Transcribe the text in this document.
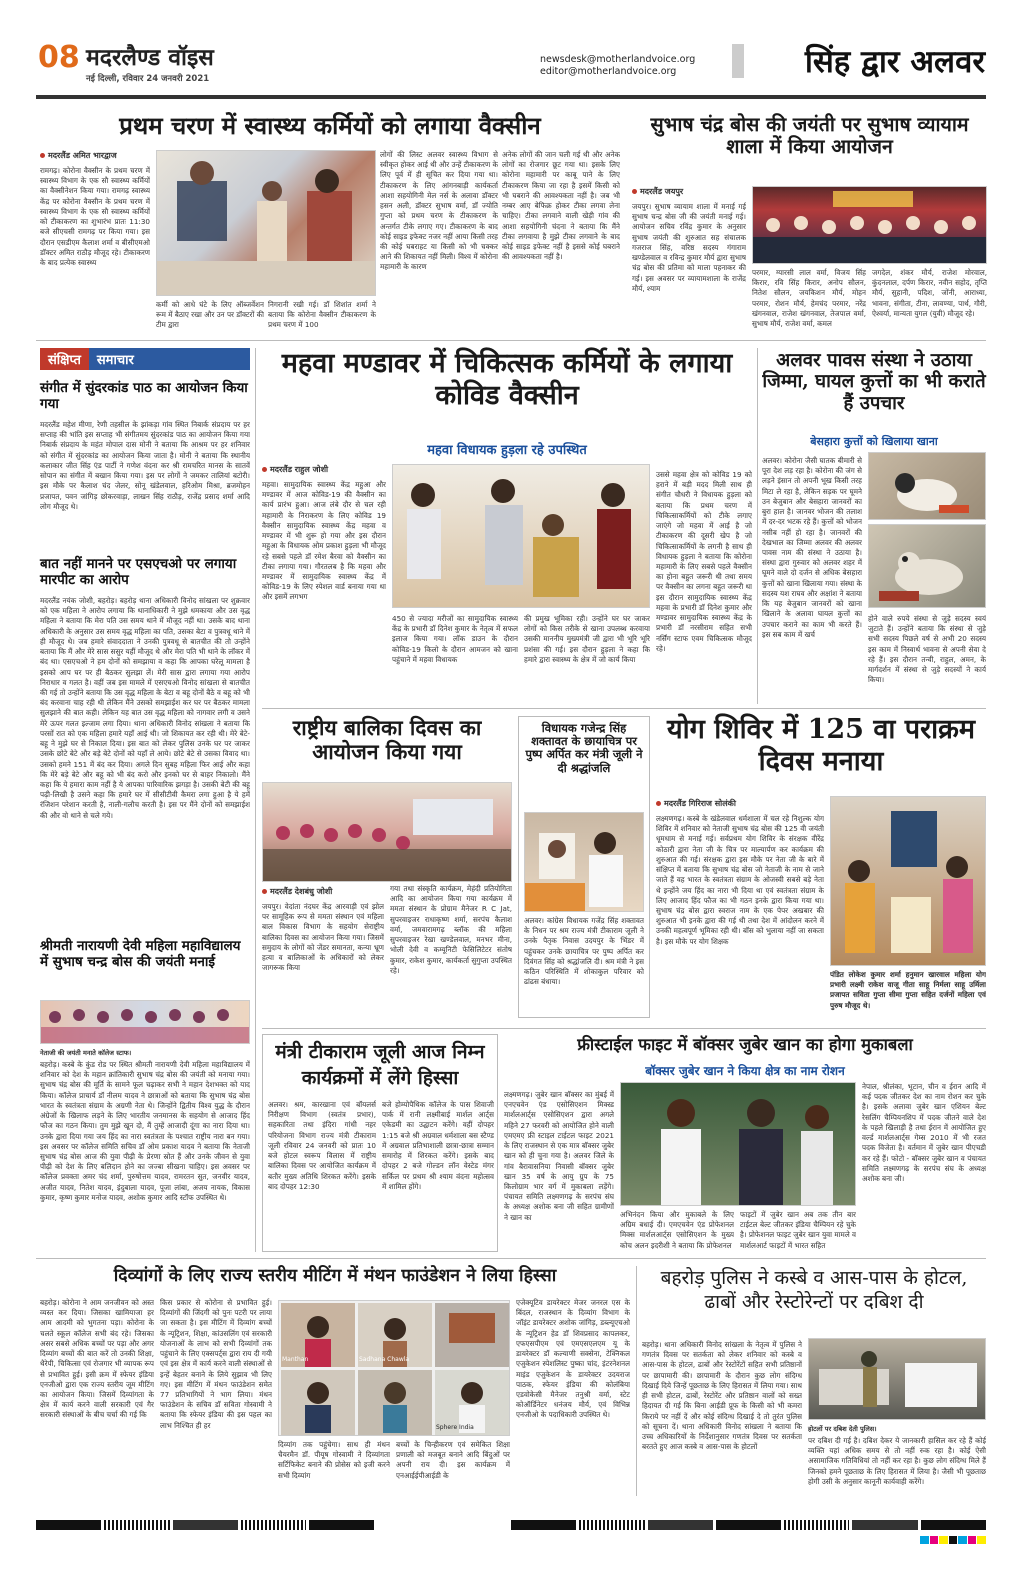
08 मदरलैण्ड वॉइस
नई दिल्ली, रविवार 24 जनवरी 2021
newsdesk@motherlandvoice.org
editor@motherlandvoice.org	सिंह द्वार अलवर
प्रथम चरण में स्वास्थ्य कर्मियों को लगाया वैक्सीन
मदरलैंड अमित भारद्वाज
रामगढ़। कोरोना वैक्सीन के प्रथम चरण में स्वास्थ्य विभाग के एक सौ स्वास्थ्य कर्मियों का वैक्सीनेशन किया गया। रामगढ़ स्वास्थ्य केंद्र पर कोरोना वैक्सीन के प्रथम चरण में स्वास्थ्य विभाग के एक सौ स्वास्थ्य कर्मियों को टीकाकरण का शुभारंभ प्रातः 11:30 बजे सीएचसी रामगढ़ पर किया गया। इस दौरान एसडीएम कैलाश शर्मा व बीसीएमओ डॉक्टर अमित राठौड़ मौजूद रहे। टीकाकरण के बाद प्रत्येक स्वास्थ्य
कर्मी को आधे घंटे के लिए ऑब्जर्वेशन रूम में बैठाए रखा और उन पर डॉक्टरों की टीम द्वारा
निगरानी रखी गई। डॉ शिशांत शर्मा ने बताया कि कोरोना वैक्सीन टीकाकरण के प्रथम चरण में 100
लोगों की लिस्ट अलवर स्वास्थ्य विभाग से स्वीकृत होकर आई थी और उन्हें टीकाकरण के लिए पूर्व में ही सूचित कर दिया गया था। टीकाकरण के लिए आंगनबाड़ी कार्यकर्ता आशा सहयोगिनी मेल नर्स के अलावा डॉक्टर हसन अली, डॉक्टर सुभाष वर्मा, डॉ ज्योति गुप्ता को प्रथम चरण के टीकाकरण के अन्तर्गत टीके लगाए गए। टीकाकरण के बाद कोई साइड इफेक्ट नजर नहीं आया किसी तरह की कोई घबराहट या किसी को भी चक्कर आने की शिकायत नहीं मिली। विश्व में कोरोना महामारी के कारण
अनेक लोगों की जान चली गई थी और अनेक लोगों का रोजगार छूट गया था। इसके लिए कोरोना महामारी पर काबू पाने के लिए टीकाकरण किया जा रहा है इसमें किसी को भी घबराने की आवश्यकता नहीं है। जब भी नम्बर आए बेफिक्र होकर टीका लगवा लेना चाहिए। टीका लगवाने वाली खेड़ी गांव की आशा सहयोगिनी चंदना ने बताया कि मैंने टीका लगवाया है मुझे टीका लगवाने के बाद कोई साइड इफेक्ट नहीं है इससे कोई घबराने की आवश्यकता नहीं है।
सुभाष चंद्र बोस की जयंती पर सुभाष व्यायाम शाला में किया आयोजन
मदरलैंड जयपुर
जयपुर। सुभाष व्यायाम शाला में मनाई गई सुभाष चन्द्र बोस जी की जयंती मनाई गई। आयोजन सचिव रविंद्र कुमार के अनुसार सुभाष जयंती की शुरुआत सह संचालक गजराज सिंह, वरिष्ठ सदस्य गंगाराम खण्डेलवाल व रविन्द्र कुमार मौर्य द्वारा सुभाष चंद्र बोस की प्रतिमा को माला पहनाकर की गई। इस अवसर पर व्यायामशाला के राजेंद्र मौर्य, श्याम
परमार, ग्यारसी लाल वर्मा, विजय सिंह किरार, रवि सिंह किरार, अनोप सौलन, नितेश सौलन, जयकिशन मौर्य, मोहन परमार, रोशन मौर्य, हेमचंद परमार, नरेंद्र खंगनवाल, राजेश खंगनवाल, तेजपाल वर्मा, सुभाष मौर्य, राजेश वर्मा, कमल
जगदेल, शंकर मौर्य, राजेश मोरवाल, कुंदनलाल, दर्पण किरार, नवीन सहोद, तृप्ति मौर्य, सुहानी, पदिश, जोंनी, आराध्या, भावना, संगीता, टीना, लावण्या, पार्थ, गौरी, ऐश्वर्या, मान्यता युगल (युवी) मौजूद रहे।
संक्षिप्त	समाचार
संगीत में सुंदरकांड पाठ का आयोजन किया गया
मदरलैंड महेश मीणा, रेणी तहसील के झांकड़ा गांव स्थित निबार्क संप्रदाय पर हर सप्ताह की भांति इस सप्ताह भी संगीतमय सुंदरकांड पाठ का आयोजन किया गया निबार्क संप्रदाय के महंत मोपाल दास मोनी ने बताया कि आश्रम पर हर शनिवार को संगीत में सुंदरकांड का आयोजन किया जाता है। मोनी ने बताया कि स्थानीय कलाकार जीत सिंह एंड पार्टी ने गणेश वंदना कर श्री रामचरित मानस के सातवें सोपान का संगीत में बखान किया गया। इस पर लोगों ने जमकर तालियां बटोरी। इस मौके पर कैलाश चंद जेलर, सोनू खंडेलवाल, हरिओम मिश्रा, ब्रजमोहन प्रजापत, पवन जांगिड़ छोकरवाड़ा, लाखन सिंह राठौड़, राजेंद्र प्रसाद शर्मा आदि लोग मौजूद थे।
बात नहीं मानने पर एसएचओ पर लगाया मारपीट का आरोप
मदरलैंड नयंक जोशी, बहरोड़। बहरोड़ थाना अधिकारी विनोद सांखला पर शुक्रवार को एक महिला ने आरोप लगाया कि थानाधिकारी ने मुझे धमकाया और उस वृद्ध महिला ने बताया कि मेरा पति उस समय थाने में मौजूद नहीं था। उसके बाद थाना अधिकारी के अनुसार उस समय वृद्ध महिला का पति, उसका बेटा व पुत्रवधू थाने में ही मौजूद थे। जब हमारे संवाददाता ने उनकी पुत्रवधू से बातचीत की तो उन्होंने बताया कि मैं और मेरे सास ससुर यहीं मौजूद थे और मेरा पति भी थाने के लॉकर में बंद था। एसएचओ ने हम दोनों को समझाया व कहा कि आपका घरेलू मामला है इसको आप घर पर ही बैठकर सुलझा लें। मेरी सास द्वारा लगाया गया आरोप निराधार व गलत है। वहीं जब इस मामले में एसएचओ विनोद सांखला से बातचीत की गई तो उन्होंने बताया कि उस वृद्ध महिला के बेटा व बहू दोनों बैठे व बहू को भी बंद करवाना चाह रही थी लेकिन मैंने उसको समझाईश कर घर पर बैठकर मामला सुलझाने की बात कही। लेकिन यह बात उस वृद्ध महिला को नागवार लगी व उसने मेरे ऊपर गलत इल्जाम लगा दिया। थाना अधिकारी विनोद सांखला ने बताया कि परसों रात को एक महिला हमारे यहाँ आई थी। जो शिकायत कर रही थी। मेरे बेटे-बहू ने मुझे घर से निकाल दिया। इस बात को लेकर पुलिस उनके घर पर जाकर उसके छोटे बेटे और बड़े बेटे दोनों को यहाँ ले आये। छोटे बेटे से उसका विवाद था। उसको हमने 151 में बंद कर दिया। अगले दिन सुबह महिला फिर आई और कहा कि मेरे बड़े बेटे और बहू को भी बंद करो और इनको घर से बाहर निकालो। मैंने कहा कि ये हमारा काम नहीं है ये आपका पारिवारिक झगड़ा है। उसकी बेटी की बहू पढ़ी-लिखी है उसने कहा कि हमारे घर में सीसीटीवी कैमरा लगा हुआ है ये हमें रंजिशन परेशान करती है, नाली-गलौच करती है। इस पर मैंने दोनों को समझाईश की और वो थाने से चले गये।
श्रीमती नारायणी देवी महिला महाविद्यालय में सुभाष चन्द्र बोस की जयंती मनाई
नेताजी की जयंती मनाते कॉलेज स्टाफ।
बहरोड़। कस्बे के कुंड रोड पर स्थित श्रीमती नारायणी देवी महिला महाविद्यालय में शनिवार को देश के महान क्रांतिकारी सुभाष चंद्र बोस की जयंती को मनाया गया। सुभाष चंद्र बोस की मूर्ति के सामने फूल चढ़ाकर सभी ने महान देशभक्त को याद किया। कॉलेज प्राचार्य डॉ नीलम यादव ने छात्राओं को बताया कि सुभाष चंद्र बोस भारत के स्वतंत्रता संग्राम के अग्रणी नेता थे। जिन्होंने द्वितीय विश्व युद्ध के दौरान अंग्रेजों के खिलाफ लड़ने के लिए भारतीय जनमानस के सहयोग से आजाद हिंद फौज का गठन किया। तुम मुझे खून दो, मैं तुम्हें आजादी दूंगा का नारा दिया था। उनके द्वारा दिया गया जय हिंद का नारा स्वतंत्रता के पश्चात राष्ट्रीय नारा बन गया। इस अवसर पर कॉलेज समिति सचिव डॉ ओम प्रकाश यादव ने बताया कि नेताजी सुभाष चंद्र बोस आज की युवा पीढ़ी के प्रेरणा स्रोत हैं और उनके जीवन से युवा पीढ़ी को देश के लिए बलिदान होने का जज्बा सीखना चाहिए। इस अवसर पर कॉलेज प्रवक्ता अमर चंद शर्मा, पुरुषोत्तम यादव, रामरतन सुत, जनवीर यादव, अजीत यादव, नितेश यादव, इंदुबाला यादव, पूजा लांबा, अजय नायक, विकास कुमार, कृष्ण कुमार मनोज यादव, अशोक कुमार आदि स्टॉफ उपस्थित थे।
महवा मण्डावर में चिकित्सक कर्मियों के लगाया कोविड वैक्सीन
महवा विधायक हुड़ला रहे उपस्थित
मदरलैंड राहुल जोशी
महवा। सामुदायिक स्वास्थ्य केंद्र महुआ और मण्डावर में आज कोविड-19 की वैक्सीन का कार्य प्रारंभ हुआ। आज लंबे दौर से चल रही महामारी के निराकरण के लिए कोविड 19 वैक्सीन सामुदायिक स्वास्थ्य केंद्र महवा व मण्डावर में भी शुरू हो गया और इस दौरान महुआ के विधायक ओम प्रकाश हुड़ला भी मौजूद रहे सबसे पहले डॉ रमेश बैरवा को वैक्सीन का टीका लगाया गया। गौरतलब है कि महवा और मण्डावर में सामुदायिक स्वास्थ्य केंद्र में कोविड-19 के लिए स्पेशल वार्ड बनाया गया था और इसमें लगभग
450 से ज्यादा मरीजों का सामुदायिक स्वास्थ्य केंद्र के प्रभारी डॉ दिनेश कुमार के नेतृत्व में सफल इलाज किया गया। लॉक डाउन के दौरान कोविड-19 किलो के दौरान आमजन को खाना पहुंचाने में महवा विधायक
की प्रमुख भूमिका रही। उन्होंने घर घर जाकर लोगों को किस तरीके से खाना उपलब्ध करवाया उसकी माननीय मुख्यमंत्री जी द्वारा भी भूरि भूरि प्रशंसा की गई। इस दौरान हुड़ला ने कहा कि हमारे द्वारा स्वास्थ्य के क्षेत्र में जो कार्य किया
उससे महवा क्षेत्र को कोविड 19 को हराने में बड़ी मदद मिली साथ ही संगीत चौधरी ने विधायक हुड़ला को बताया कि प्रथम चरण में चिकित्साकर्मियों को टीके लगाए जाएंगे जो महवा में आई है जो टीकाकरण की दूसरी खेप है जो चिकित्साकर्मियों के लगनी है साथ ही विधायक हुड़ला ने बताया कि कोरोना महामारी के लिए सबसे पहले वैक्सीन का होना बहुत जरूरी थी तथा समय पर वैक्सीन का लगना बहुत जरूरी था इस दौरान सामुदायिक स्वास्थ्य केंद्र महवा के प्रभारी डॉ दिनेश कुमार और मण्डावर सामुदायिक स्वास्थ्य केंद्र के प्रभारी डॉ नरसीराम सहित सभी नर्सिंग स्टाफ एवम चिकित्सक मौजूद रहे।
अलवर पावस संस्था ने उठाया जिम्मा, घायल कुत्तों का भी कराते हैं उपचार
बेसहारा कुत्तों को खिलाया खाना
अलवर। कोरोना जैसी घातक बीमारी से पूरा देश लड़ रहा है। कोरोना की जंग से लड़ने इंसान तो अपनी भूख किसी तरह मिटा ले रहा है, लेकिन सड़क पर घूमने उन बेजुबान और बेसहारा जानवरों का बुरा हाल है। जानवर भोजन की तलाश में दर-दर भटक रहे हैं। कुत्तों को भोजन नसीब नहीं हो रहा है। जानवरों की देखभाल का जिम्मा अलवर की अलवर पावस नाम की संस्था ने उठाया है। संस्था द्वारा गुरुवार को अलवर शहर में घूमने वाले दो दर्जन से अधिक बेसहारा कुत्तों को खाना खिलाया गया। संस्था के सदस्य यश राघव और अक्षांश ने बताया कि यह बेजुबान जानवरों को खाना खिलाने के अलावा घायल कुत्तों का उपचार कराने का काम भी करते हैं। इस सब काम में खर्च
होने वाले रुपये संस्था से जुड़े सदस्य स्वयं जुटाते हैं। उन्होंने बताया कि संस्था से जुड़े सभी सदस्य पिछले वर्ष से अभी 20 सदस्य इस काम में निस्वार्थ भावना से अपनी सेवा दे रहे हैं। इस दौरान तन्वी, राहुल, अमन, के मार्गदर्शन में संस्था से जुड़े सदस्यों ने कार्य किया।
राष्ट्रीय बालिका दिवस का आयोजन किया गया
मदरलैंड देशबंधु जोशी
जयपुर। वेदांता नंदघर केंद्र आरवाड़ी एवं झोल पर सामूहिक रूप से ममता संस्थान एवं महिला बाल विकास विभाग के सहयोग सेराष्ट्रीय बालिका दिवस का आयोजन किया गया। जिसमें समुदाय के लोगों को जेंडर समानता, कन्या भ्रूण हत्या व बालिकाओं के अधिकारों को लेकर जागरूक किया
गया तथा संस्कृति कार्यक्रम, मेहंदी प्रतियोगिता आदि का आयोजन किया गया कार्यक्रम में ममता संस्थान के प्रोग्राम मैनेजर R C Jat, सुपरवाइजर राधाकृष्ण शर्मा, सरपंच कैलाश वर्मा, जमवारामगढ़ ब्लॉक की महिला सुपरवाइजर रेखा खण्डेलवाल, मनभर मीना, भोली देवी व कम्यूनिटी फेसिलिटेटर संतोष कुमार, राकेश कुमार, कार्यकर्ता सुगुप्ता उपस्थित रहे।
विधायक गजेन्द्र सिंह शक्तावत के छायाचित्र पर पुष्प अर्पित कर मंत्री जूली ने दी श्रद्धांजलि
अलवर। कांग्रेस विधायक गजेंद्र सिंह शक्तावत के निधन पर श्रम राज्य मंत्री टीकाराम जूली ने उनके पैतृक निवास उदयपुर के भिंडर में पहुंचकर उनके छायाचित्र पर पुष्प अर्पित कर दिवंगत सिंह को श्रद्धांजलि दी। श्रम मंत्री ने इस कठिन परिस्थिति में शोकाकुल परिवार को ढांढस बंधाया।
योग शिविर में 125 वा पराक्रम दिवस मनाया
मदरलैंड गिरिराज सोलंकी
लक्ष्मणगढ़। कस्बे के खंडेलवाल धर्मशाला में चल रहे निशुल्क योग शिविर में शनिवार को नेताजी सुभाष चंद्र बोस की 125 वी जयंती धूमधाम से मनाई गई। सर्वप्रथम योग शिविर के संरक्षक वीरेंद्र कोठारी द्वारा नेता जी के चित्र पर माल्यार्पण कर कार्यक्रम की शुरुआत की गई। संरक्षक द्वारा इस मौके पर नेता जी के बारे में संक्षिप्त में बताया कि सुभाष चंद्र बोस जो नेताजी के नाम से जाने जाते हैं वह भारत के स्वतंत्रता संग्राम के ओजस्वी सबसे बड़े नेता थे इन्होंने जय हिंद का नारा भी दिया था एवं स्वतंत्रता संग्राम के लिए आजाद हिंद फौज का भी गठन इनके द्वारा किया गया था। सुभाष चंद्र बोस द्वारा स्वराज नाम के एक पेपर अखबार की शुरुआत भी इनके द्वारा की गई थी तथा देश में आंदोलन करने में उनकी महत्वपूर्ण भूमिका रही थी। बॉस को भुलाया नहीं जा सकता है। इस मौके पर योग शिक्षक
पंडित लोकेश कुमार शर्मा हनुमान खारवाल महिला योग प्रभारी लक्ष्मी राकेश वाजू गीता साहू निर्मला साहू उर्मिला प्रजापत सविता गुप्ता सीमा गुप्ता सहित दर्जनों महिला एवं पुरुष मौजूद थे।
मंत्री टीकाराम जूली आज निम्न कार्यक्रमों में लेंगे हिस्सा
अलवर। श्रम, कारखाना एवं बॉयलर्स निरीक्षण विभाग (स्वतंत्र प्रभार), सहकारिता तथा इंदिरा गांधी नहर परियोजना विभाग राज्य मंत्री टीकाराम जूली रविवार 24 जनवरी को प्रातः 10 बजे होटल स्वरूप विलास में राष्ट्रीय बालिका दिवस पर आयोजित कार्यक्रम में बतौर मुख्य अतिथि शिरकत करेंगे। इसके बाद दोपहर 12:30
बजे होम्योपैथिक कॉलेज के पास शिवाजी पार्क में रानी लक्ष्मीबाई मार्शल आर्ट्स एकेडमी का उद्घाटन करेंगे। वहीं दोपहर 1:15 बजे श्री अग्रवाल धर्मशाला बस स्टैण्ड में अग्रवाल प्रतिभाशाली छात्रा-छात्रा सम्मान समारोह में शिरकत करेंगे। इसके बाद दोपहर 2 बजे गोल्डन लॉन वेस्टेड मंगर सर्किल पर प्रथम श्री श्याम वंदना महोत्सव में शामिल होंगे।
फ्रीस्टाईल फाइट में बॉक्सर जुबेर खान का होगा मुकाबला
बॉक्सर जुबेर खान ने किया क्षेत्र का नाम रोशन
लक्ष्मणगढ़। जुबेर खान बॉक्सर का मुंबई में एनएचवेन एंड एसोसिएशन मिक्स्ड मार्शलआर्ट्स एसोसिएशन द्वारा अगले महिने 27 फरवरी को आयोजित होने वाली एमएमए फ्री स्टाइल टाईटल फाइट 2021 के लिए राजस्थान से एक मात्र बॉक्सर जुबेर खान को ही चुना गया है। अलवर जिले के गांव बैरावासनिया निवासी बॉक्सर जुबेर खान 35 वर्ष के आयु ग्रुप के 75 किलोग्राम भार वर्ग में मुकाबला लड़ेंगे। पंचायत समिति लक्ष्मणगढ़ के सरपंच संघ के अध्यक्ष अशोक बना जी सहित ग्रामीणों ने खान का	अभिनंदन किया और मुकाबले के लिए अग्रिम बधाई दी। एमएचवेन एंड प्रोफेशनल मिक्स मार्शलआर्ट्स एसोसिएशन के मुख्य कोच अलन इदरीशी ने बताया कि प्रोफेशनल
फाइटों में जुबेर खान अब तक तीन बार टाईटल बेल्ट जीतकर इंडिया चैम्पियन रहे चुके है। प्रोफेशनल फाइट जुबेर खान युवा मामले व मार्शलआर्ट फाइटों में भारत सहित
नेपाल, श्रीलंका, भूटान, चीन व ईरान आदि में कई पदक जीतकर देश का नाम रोशन कर चुके है। इसके अलावा जुबेर खान एशियन बेल्ट रेसलिंग चैम्पियनशिप में पदक जीतने वाले देश के पहले खिलाड़ी है तथा ईरान में आयोजित हुए वर्ल्ड मार्शलआर्ट्स गेम्स 2010 में भी रजत पदक विजेता है। वर्तमान में जुबेर खान पीएचडी कर रहे हैं। फोटो - बॉक्सर जुबेर खान व पंचायत समिति लक्ष्मणगढ़ के सरपंच संघ के अध्यक्ष अशोक बना जी।
दिव्यांगों के लिए राज्य स्तरीय मीटिंग में मंथन फाउंडेशन ने लिया हिस्सा
बहरोड़। कोरोना ने आम जनजीवन को अस्त व्यस्त कर दिया। जिसका खामियाजा हर आम आदमी को भुगतना पड़ा। कोरोना के चलते स्कूल कॉलेज सभी बंद रहे। जिसका असर सबसे अधिक बच्चों पर पड़ा और अगर दिव्यांग बच्चों की बात करें तो उनकी शिक्षा, थैरेपी, चिकित्सा एवं रोजगार भी व्यापक रूप से प्रभावित हुई। इसी क्रम में स्फेयर इंडिया एनजीओ द्वारा एक राज्य स्तरीय जूम मीटिंग का आयोजन किया। जिसमें दिव्यांगता के क्षेत्र में कार्य करने वाली सरकारी एवं गैर सरकारी संस्थाओं के बीच चर्चा की गई कि
किस प्रकार से कोरोना से प्रभावित हुई। दिव्यांगों की जिंदगी को पुनः पटरी पर लाया जा सकता है। इस मीटिंग में दिव्यांग बच्चों के न्यूट्रिशन, शिक्षा, कांउसलिंग एवं सरकारी योजनाओं के लाभ को सभी दिव्यांगों तक पहुंचाने के लिए एक्सपर्ट्स द्वारा राय दी गयी एवं इस क्षेत्र में कार्य करने वाली संस्थाओं से इन्हें बेहतर बनाने के लिये सुझाव भी लिए गए। इस मीटिंग में मंथन फाउंडेशन समेत 77 प्रतिभागियों ने भाग लिया। मंथन फाउंडेशन के सचिव डॉ सविता गोस्वामी ने बताया कि स्फेयर इंडिया की इस पहल का लाभ निश्चित ही हर
Manthan	Sadhana Chawla
Sphere India
दिव्यांग तक पहुंचेगा। साथ ही मंथन चैयरमैन डॉ. पीयूष गोस्वामी ने दिव्यांगता सर्टिफिकेट बनाने की प्रोसेस को इजी करने सभी दिव्यांग
बच्चों के चिन्हीकरण एवं समेकित शिक्षा प्रणाली को मजबूत बनाने आदि बिंदुओं पर अपनी राय दी। इस कार्यक्रम में एनआईईपीआईडी के
एजेक्यूटिव डायरेक्टर मेजर जनरल एस के बिंदल, राजस्थान के दिव्यांग विभाग के जॉइंट डायरेक्टर अशोक जांगिड़, डब्ल्यूएचओ के न्यूट्रिशन हेड डॉ शिवप्रसाद कापलकर, एफएसपीएम एवं एमएसएलएम यू के डायरेक्टर डॉ कल्याणी सक्सेना, टेक्निकल एजुकेशन स्पेशलिस्ट पुष्का चांद, इंटरनेशनल माइंड एजुकेशन के डायरेक्टर उदयराज पाठक, स्फेयर इंडिया की कोलंबिया एडवोकेसी मैनेजर तनुश्री वर्मा, स्टेट कोऑर्डिनेटर धनंजय मौर्य, एवं विभिन्न एनजीओ के पदाधिकारी उपस्थित थे।
बहरोड़ पुलिस ने कस्बे व आस-पास के होटल, ढाबों और रेस्टोरेन्टों पर दबिश दी
बहरोड़। थाना अधिकारी विनोद सांखला के नेतृत्व में पुलिस ने गणतंत्र दिवस पर सतर्कता को लेकर शनिवार को कस्बे व आस-पास के होटल, ढाबों और रेस्टोरेंटों सहित सभी प्रतिष्ठानों पर छापामारी की। छापामारी के दौरान कुछ लोग संदिग्ध दिखाई दिये जिन्हें पूछताछ के लिए हिरासत में लिया गया। साथ ही सभी होटल, ढाबों, रेस्टोरेंट और प्रतिष्ठान वालों को सख्त हिदायत दी गई कि बिना आईडी प्रूफ के किसी को भी कमरा किराये पर नहीं दें और कोई संदिग्ध दिखाई दे तो तुरंत पुलिस को सूचना दें। थाना अधिकारी विनोद सांखला ने बताया कि उच्च अधिकारियों के निर्देशानुसार गणतंत्र दिवस पर सतर्कता बरतते हुए आज कस्बे व आस-पास के होटलों
होटलों पर दबिश देती पुलिस।
पर दबिश दी गई है। दबिश देकर ये जानकारी हासिल कर रहे हैं कोई व्यक्ति यहां अधिक समय से तो नहीं रुक रहा है। कोई ऐसी असामाजिक गतिविधियां तो नहीं कर रहा है। कुछ लोग संदिग्ध मिले हैं जिनको हमने पूछताछ के लिए हिरासत में लिया है। जैसी भी पूछताछ होगी उसी के अनुसार कानूनी कार्यवाही करेंगे।
